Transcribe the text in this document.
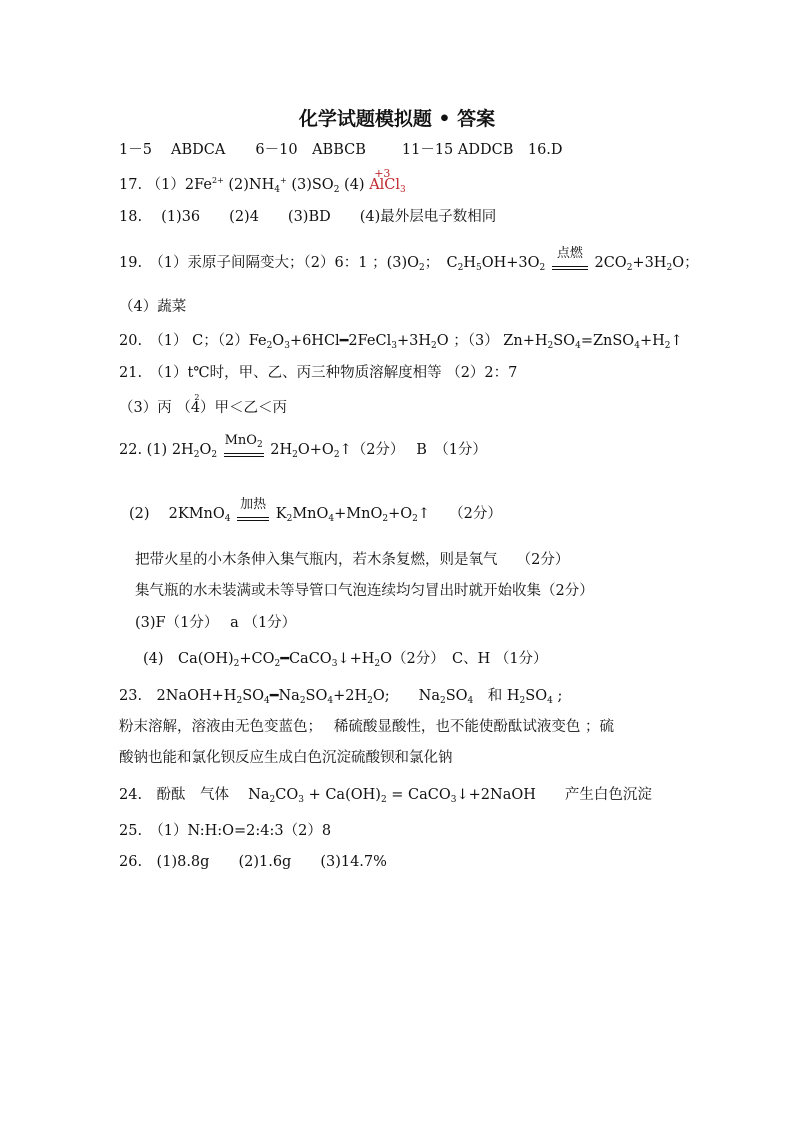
化学试题模拟题 • 答案
1－5　 ABDCA 6－10　ABBCB 11－15 ADDCB　16.D
17. $(1)2Fe^{2+}$ $(2)NH_4^+$ $(3)SO_2$ (4)
+3
AlCl$_3$
18.　 (1)36　　(2)4　　(3)BD　　(4)最外层电子数相同
19.　（1）汞原子间隔变大；（2）6：1 ；$(3)O_2$；　$C_2H_5OH+3O_2$
点燃
$2CO_2+3H_2O$；
（4）蔬菜
20.　（1） C；$(2)Fe_2O_3+6HCl━2FeCl_3+3H_2O$ ；（3） $Zn+H_2SO_4=ZnSO_4+H_2↑$
21.　（1）t
2
℃时，甲、乙、丙三种物质溶解度相等 （2）2：7
（3）丙 （4）甲＜乙＜丙
22. (1) $2H_2O_2$
MnO$_2$ $2H_2O+O_2↑(2$分）　 B　（1分）
(2)　 2KMnO$_4$
加热
$K_2MnO_4+MnO_2+O_2↑$　 （2分）
把带火星的小木条伸入集气瓶内，若木条复燃，则是氧气　 （2分）
集气瓶的水未装满或未等导管口气泡连续均匀冒出时就开始收集（2分）
(3)F（1分）　 a （1分）
(4)　$Ca(OH)_2+CO_2━CaCO_3↓+H_2O(2$分）　C、H （1分）
23.　$2NaOH+H_2SO_4━Na_2SO_4+2H_2O$;　　$Na_2SO_4$　和 $H_2SO_4$ ;
粉末溶解，溶液由无色变蓝色；　 稀硫酸显酸性，也不能使酚酞试液变色 ；硫
酸钠也能和氯化钡反应生成白色沉淀硫酸钡和氯化钠
24.　酚酞　气体　 $Na_2CO_3 + Ca(OH)_2$ = CaCO$_3$↓+2NaOH　　产生白色沉淀
25.　（1）N:H:O=2:4:3（2）8
26.　(1)8.8g　　(2)1.6g　　(3)14.7%
